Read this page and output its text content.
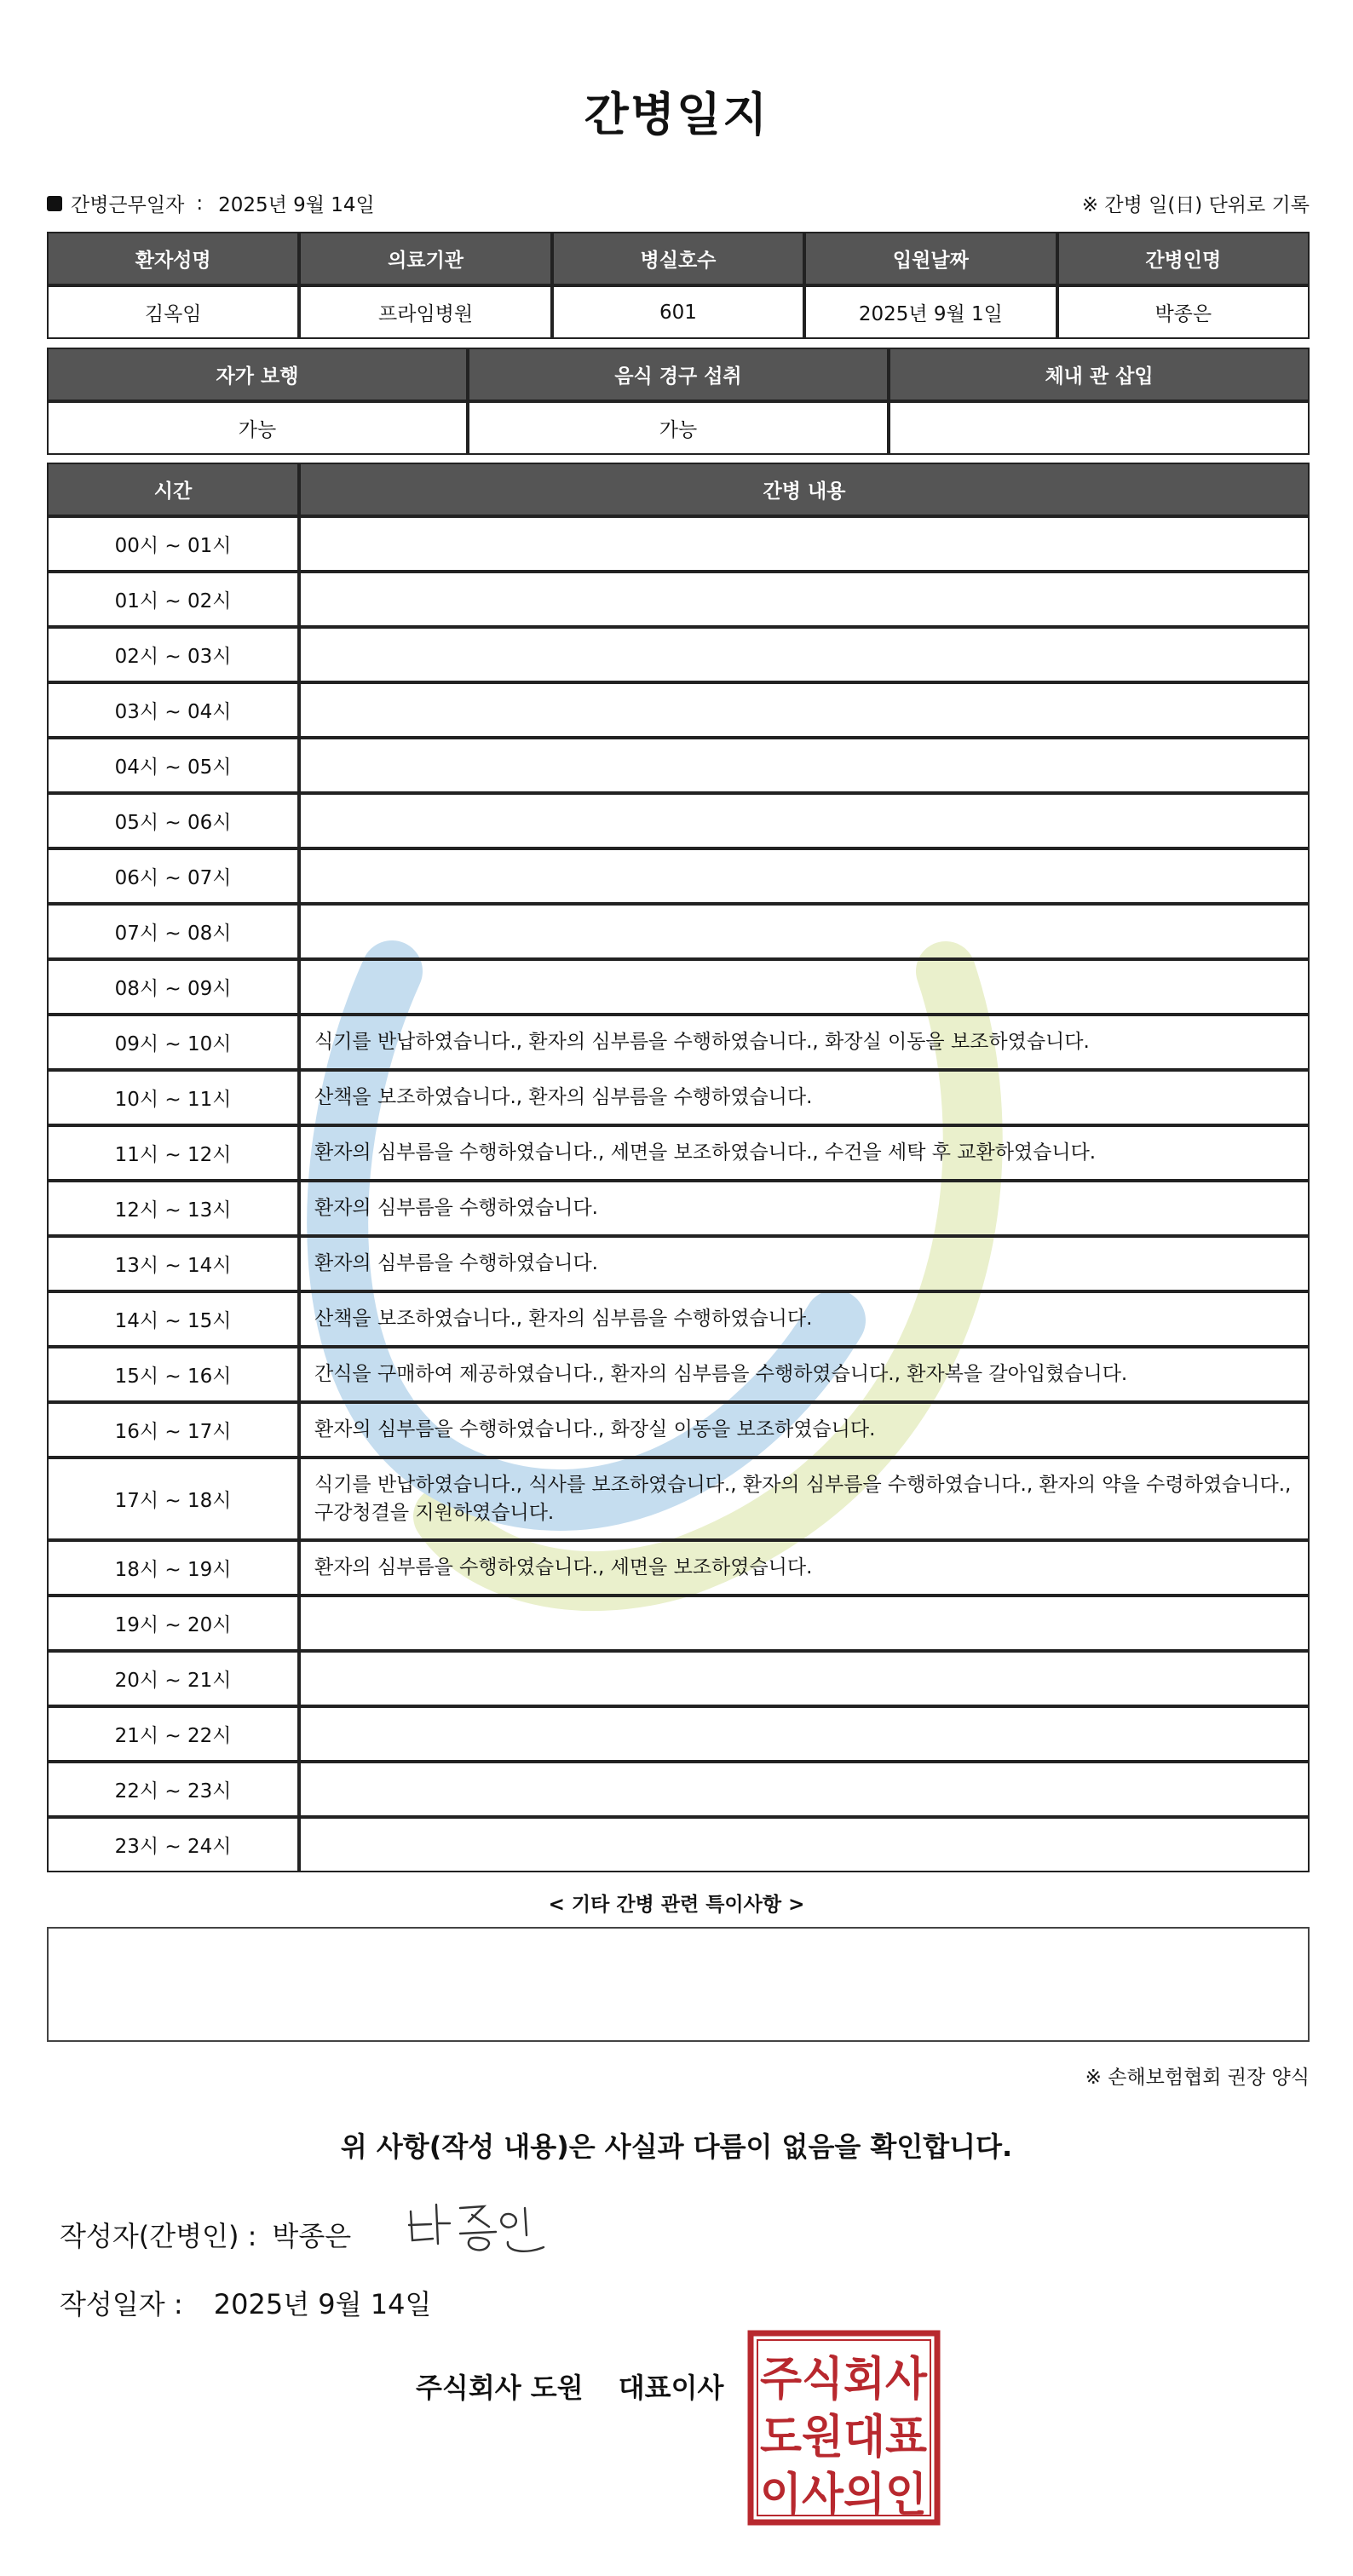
간병일지
간병근무일자 : 2025년 9월 14일	※ 간병 일(日) 단위로 기록
환자성명	의료기관	병실호수	입원날짜	간병인명
김옥임	프라임병원	601	2025년 9월 1일	박종은
자가 보행	음식 경구 섭취	체내 관 삽입
가능	가능	
시간	간병 내용
00시 ~ 01시	
01시 ~ 02시	
02시 ~ 03시	
03시 ~ 04시	
04시 ~ 05시	
05시 ~ 06시	
06시 ~ 07시	
07시 ~ 08시	
08시 ~ 09시	
09시 ~ 10시	식기를 반납하였습니다., 환자의 심부름을 수행하였습니다., 화장실 이동을 보조하였습니다.
10시 ~ 11시	산책을 보조하였습니다., 환자의 심부름을 수행하였습니다.
11시 ~ 12시	환자의 심부름을 수행하였습니다., 세면을 보조하였습니다., 수건을 세탁 후 교환하였습니다.
12시 ~ 13시	환자의 심부름을 수행하였습니다.
13시 ~ 14시	환자의 심부름을 수행하였습니다.
14시 ~ 15시	산책을 보조하였습니다., 환자의 심부름을 수행하였습니다.
15시 ~ 16시	간식을 구매하여 제공하였습니다., 환자의 심부름을 수행하였습니다., 환자복을 갈아입혔습니다.
16시 ~ 17시	환자의 심부름을 수행하였습니다., 화장실 이동을 보조하였습니다.
17시 ~ 18시	식기를 반납하였습니다., 식사를 보조하였습니다., 환자의 심부름을 수행하였습니다., 환자의 약을 수령하였습니다., 구강청결을 지원하였습니다.
18시 ~ 19시	환자의 심부름을 수행하였습니다., 세면을 보조하였습니다.
19시 ~ 20시	
20시 ~ 21시	
21시 ~ 22시	
22시 ~ 23시	
23시 ~ 24시	
< 기타 간병 관련 특이사항 >
※ 손해보험협회 권장 양식
위 사항(작성 내용)은 사실과 다름이 없음을 확인합니다.
작성자(간병인) : 박종은
작성일자 : 2025년 9월 14일
주식회사 도원 대표이사 주식회사
도원대표
이사의인
